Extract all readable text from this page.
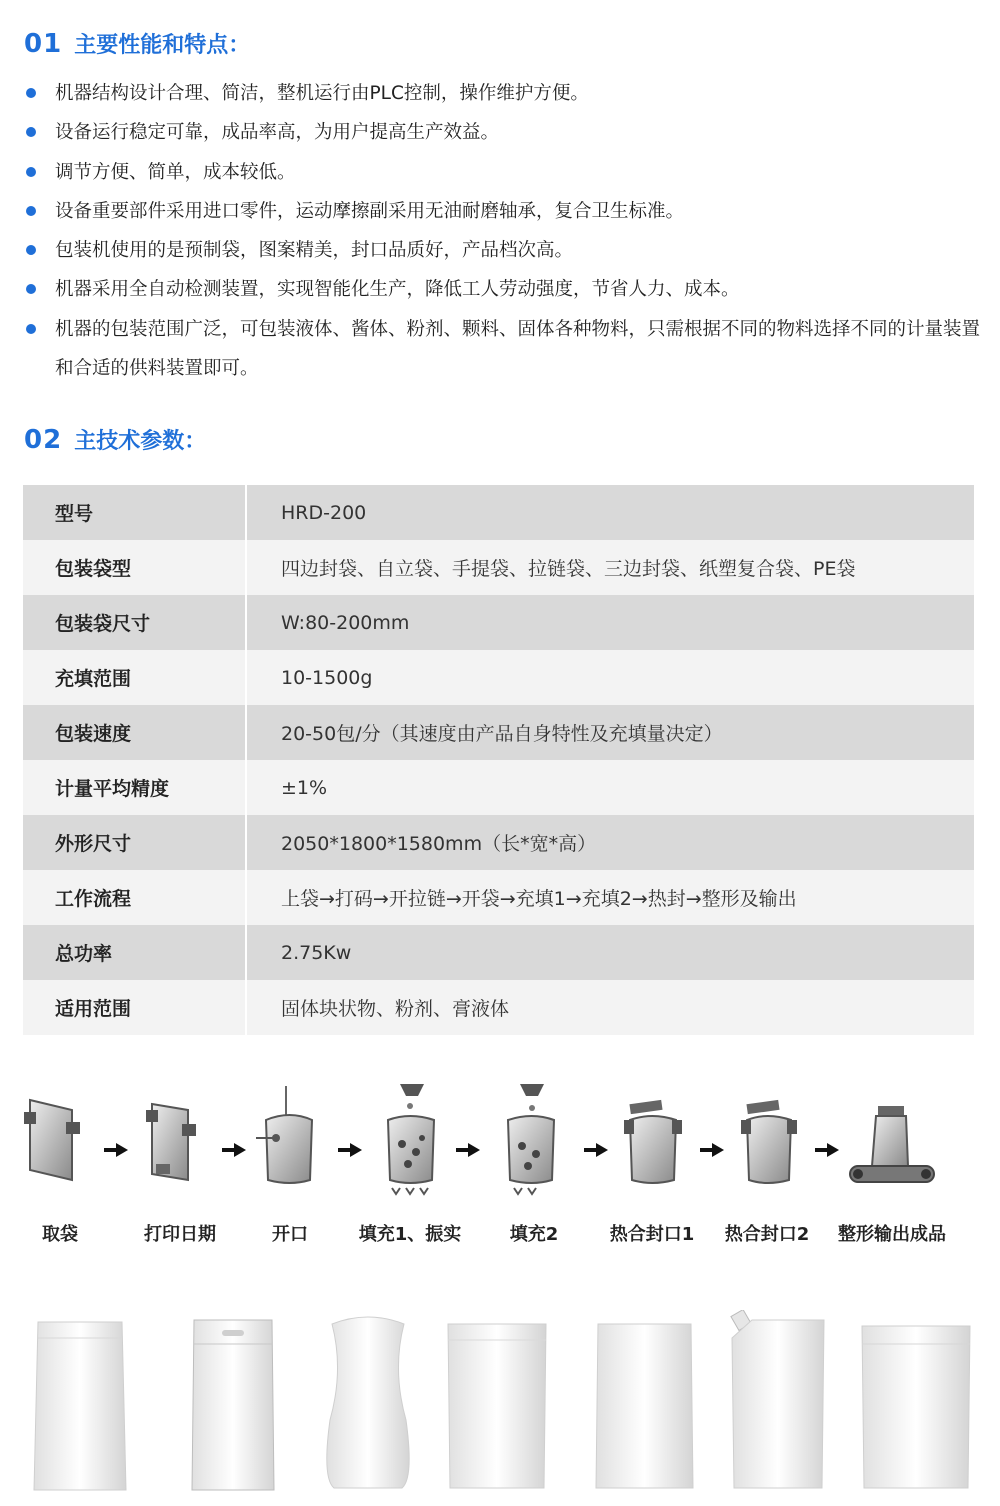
01 主要性能和特点：
机器结构设计合理、简洁，整机运行由PLC控制，操作维护方便。
设备运行稳定可靠，成品率高，为用户提高生产效益。
调节方便、简单，成本较低。
设备重要部件采用进口零件，运动摩擦副采用无油耐磨轴承，复合卫生标准。
包装机使用的是预制袋，图案精美，封口品质好，产品档次高。
机器采用全自动检测装置，实现智能化生产，降低工人劳动强度，节省人力、成本。
机器的包装范围广泛，可包装液体、酱体、粉剂、颗料、固体各种物料，只需根据不同的物料选择不同的计量装置和合适的供料装置即可。
02 主技术参数：
型号	HRD-200
包装袋型	四边封袋、自立袋、手提袋、拉链袋、三边封袋、纸塑复合袋、PE袋
包装袋尺寸	W:80-200mm
充填范围	10-1500g
包装速度	20-50包/分（其速度由产品自身特性及充填量决定）
计量平均精度	±1%
外形尺寸	2050*1800*1580mm（长*宽*高）
工作流程	上袋→打码→开拉链→开袋→充填1→充填2→热封→整形及输出
总功率	2.75Kw
适用范围	固体块状物、粉剂、膏液体
取袋	打印日期	开口	填充1、振实	填充2	热合封口1	热合封口2	整形输出成品
